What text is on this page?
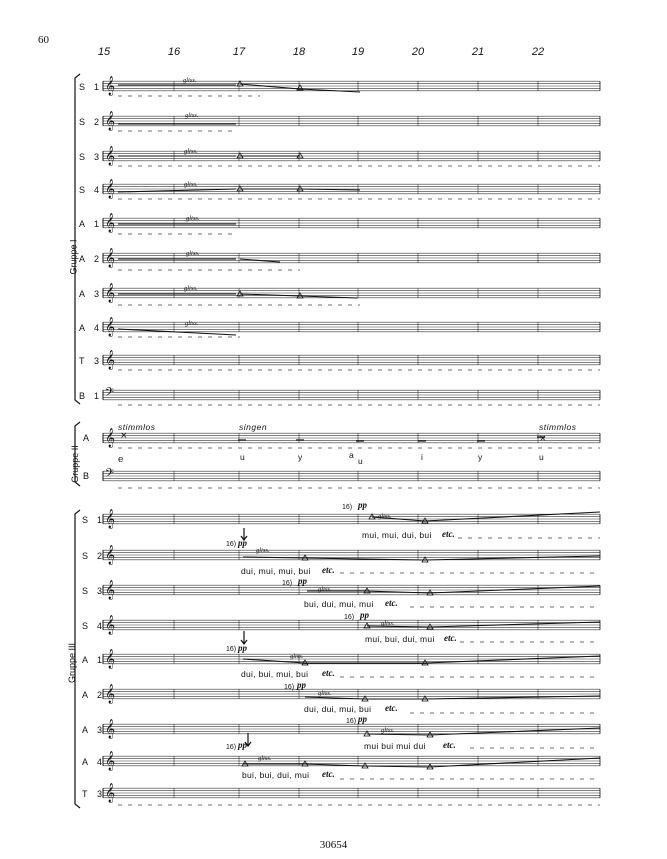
60
30654
15	16	17	18	19	20	21	22
𝄞
𝄞
𝄞
𝄞
𝄞
𝄞
𝄞
𝄞
𝄞
𝄢
𝄞
𝄢
𝄞
𝄞
𝄞
𝄞
𝄞
𝄞
𝄞
𝄞
𝄞
×
e
×
Gruppe I
Gruppe II
Gruppe III
S 1
S 2
S 3
S 4
A 1
A 2
A 3
A 4
T 3
B 1
A
B
S 1
S 2
S 3
S 4
A 1
A 2
A 3
A 4
T 3
gliss.
gliss.
gliss.
gliss.
gliss.
gliss.
gliss.
gliss.
stimmlos	singen	stimmlos
u	y	a
u	i	y	u
16) pp
gliss.
mui, mui, dui, bui etc.
16) pp
gliss.
dui, mui, mui, bui etc.
16) pp
gliss.
bui, dui, mui, mui etc.
16) pp
gliss.
mui, bui, dui, mui etc.
16) pp
gliss.
dui, bui, mui, bui etc.
16) pp
gliss.
dui, dui, mui, bui etc.
16) pp
gliss.
mui bui mui dui etc.
16) pp
gliss.
bui, bui, dui, mui etc.
